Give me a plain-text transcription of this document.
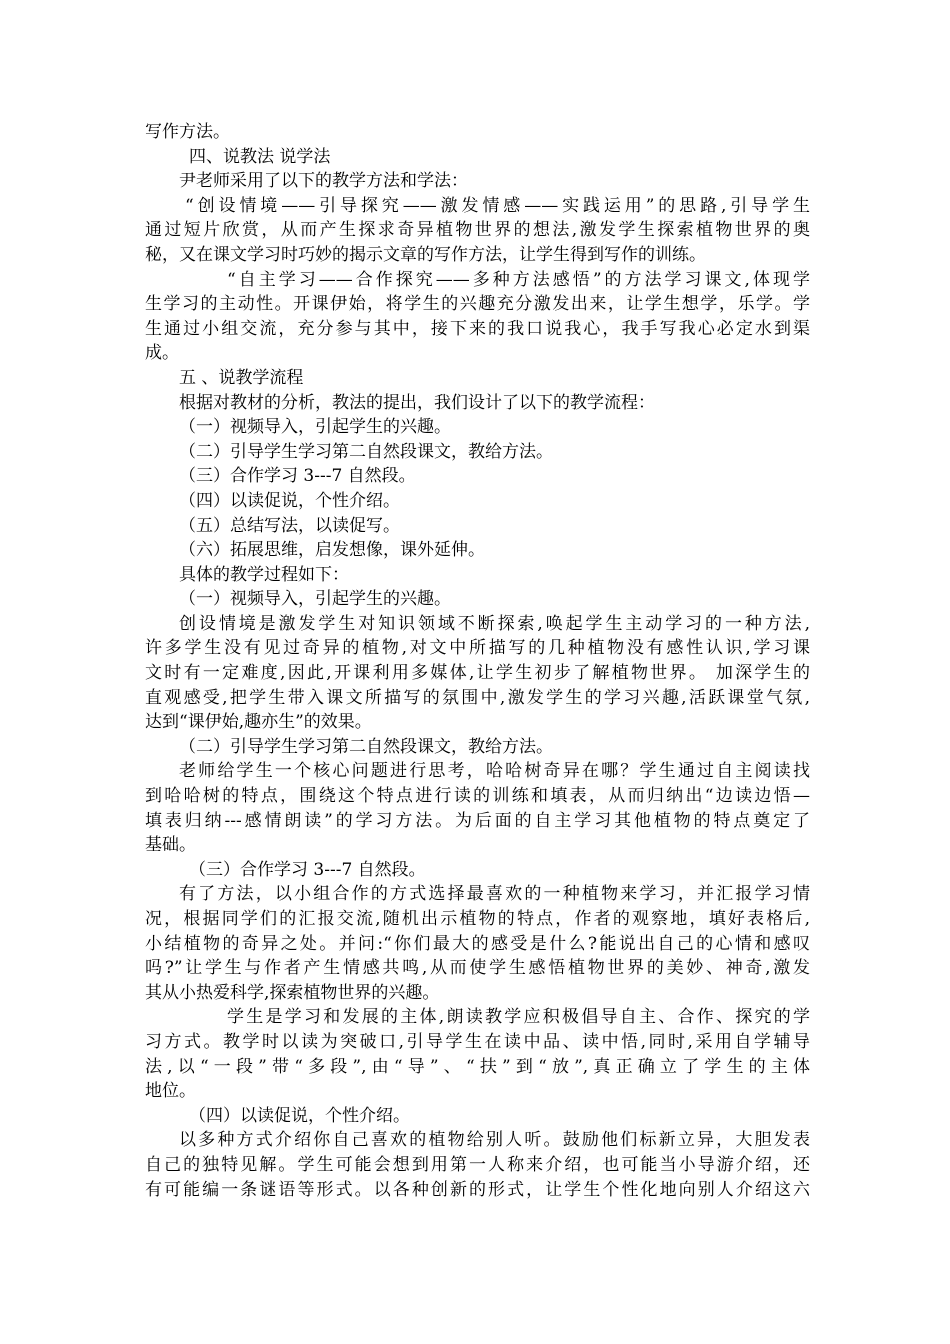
写作方法。
四、说教法 说学法
尹老师采用了以下的教学方法和学法：
“创设情境——引导探究——激发情感——实践运用”的思路,引导学生
通过短片欣赏，从而产生探求奇异植物世界的想法,激发学生探索植物世界的奥
秘，又在课文学习时巧妙的揭示文章的写作方法，让学生得到写作的训练。
“自主学习——合作探究——多种方法感悟”的方法学习课文,体现学
生学习的主动性。开课伊始，将学生的兴趣充分激发出来，让学生想学，乐学。学
生通过小组交流，充分参与其中，接下来的我口说我心，我手写我心必定水到渠
成。
五 、说教学流程
根据对教材的分析，教法的提出，我们设计了以下的教学流程：
（一）视频导入，引起学生的兴趣。
（二）引导学生学习第二自然段课文，教给方法。
（三）合作学习 3---7 自然段。
（四）以读促说，个性介绍。
（五）总结写法，以读促写。
（六）拓展思维，启发想像，课外延伸。
具体的教学过程如下：
（一）视频导入，引起学生的兴趣。
创设情境是激发学生对知识领域不断探索,唤起学生主动学习的一种方法,
许多学生没有见过奇异的植物,对文中所描写的几种植物没有感性认识,学习课
文时有一定难度,因此,开课利用多媒体,让学生初步了解植物世界。 加深学生的
直观感受,把学生带入课文所描写的氛围中,激发学生的学习兴趣,活跃课堂气氛,
达到“课伊始,趣亦生”的效果。
（二）引导学生学习第二自然段课文，教给方法。
老师给学生一个核心问题进行思考，哈哈树奇异在哪？学生通过自主阅读找
到哈哈树的特点，围绕这个特点进行读的训练和填表，从而归纳出“边读边悟—
填表归纳---感情朗读”的学习方法。为后面的自主学习其他植物的特点奠定了
基础。
（三）合作学习 3---7 自然段。
有了方法，以小组合作的方式选择最喜欢的一种植物来学习，并汇报学习情
况，根据同学们的汇报交流,随机出示植物的特点，作者的观察地，填好表格后,
小结植物的奇异之处。并问:“你们最大的感受是什么?能说出自己的心情和感叹
吗?”让学生与作者产生情感共鸣,从而使学生感悟植物世界的美妙、神奇,激发
其从小热爱科学,探索植物世界的兴趣。
学生是学习和发展的主体,朗读教学应积极倡导自主、合作、探究的学
习方式。教学时以读为突破口,引导学生在读中品、读中悟,同时,采用自学辅导
法,以“一段”带“多段”,由“导”、“扶”到“放”,真正确立了学生的主体
地位。
（四）以读促说，个性介绍。
以多种方式介绍你自己喜欢的植物给别人听。鼓励他们标新立异，大胆发表
自己的独特见解。学生可能会想到用第一人称来介绍，也可能当小导游介绍，还
有可能编一条谜语等形式。以各种创新的形式，让学生个性化地向别人介绍这六
